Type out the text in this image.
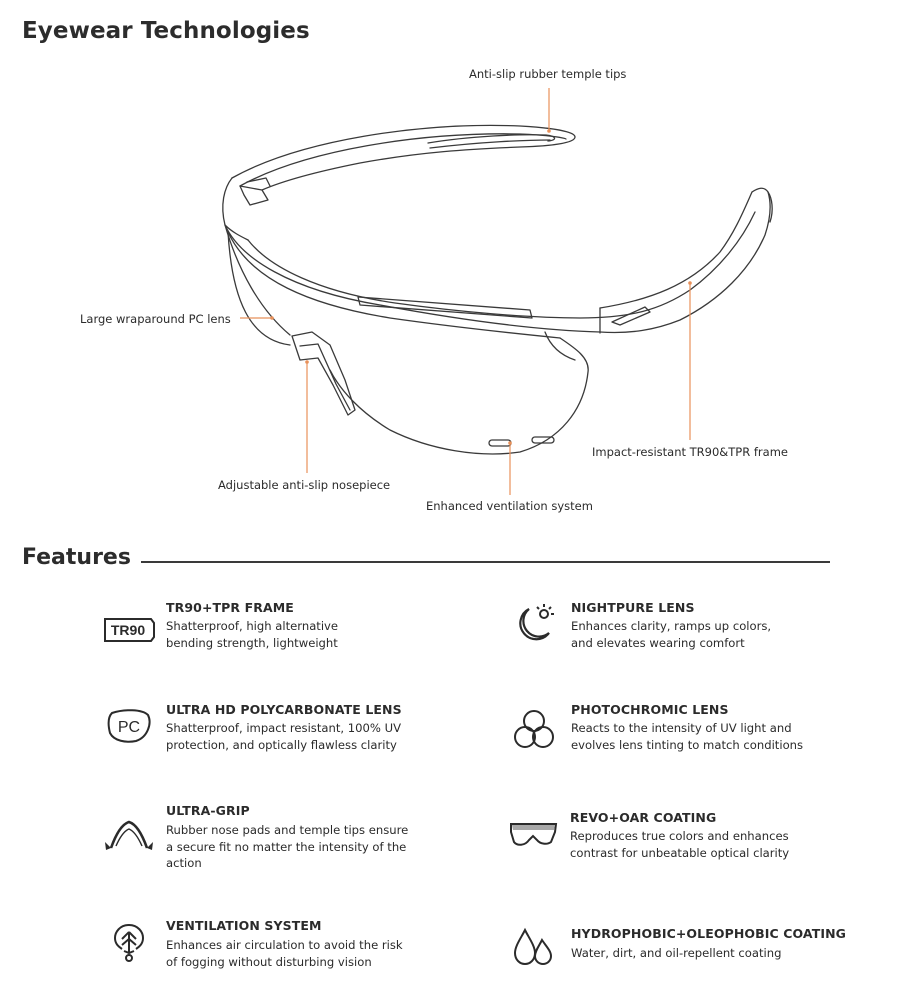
Eyewear Technologies
Anti-slip rubber temple tips
Large wraparound PC lens
Impact-resistant TR90&TPR frame
Adjustable anti-slip nosepiece
Enhanced ventilation system
Features
TR90
TR90+TPR FRAME
Shatterproof, high alternative
bending strength, lightweight
NIGHTPURE LENS
Enhances clarity, ramps up colors,
and elevates wearing comfort
PC
ULTRA HD POLYCARBONATE LENS
Shatterproof, impact resistant, 100% UV
protection, and optically flawless clarity
PHOTOCHROMIC LENS
Reacts to the intensity of UV light and
evolves lens tinting to match conditions
ULTRA-GRIP
Rubber nose pads and temple tips ensure
a secure fit no matter the intensity of the
action
REVO+OAR COATING
Reproduces true colors and enhances
contrast for unbeatable optical clarity
VENTILATION SYSTEM
Enhances air circulation to avoid the risk
of fogging without disturbing vision
HYDROPHOBIC+OLEOPHOBIC COATING
Water, dirt, and oil-repellent coating
